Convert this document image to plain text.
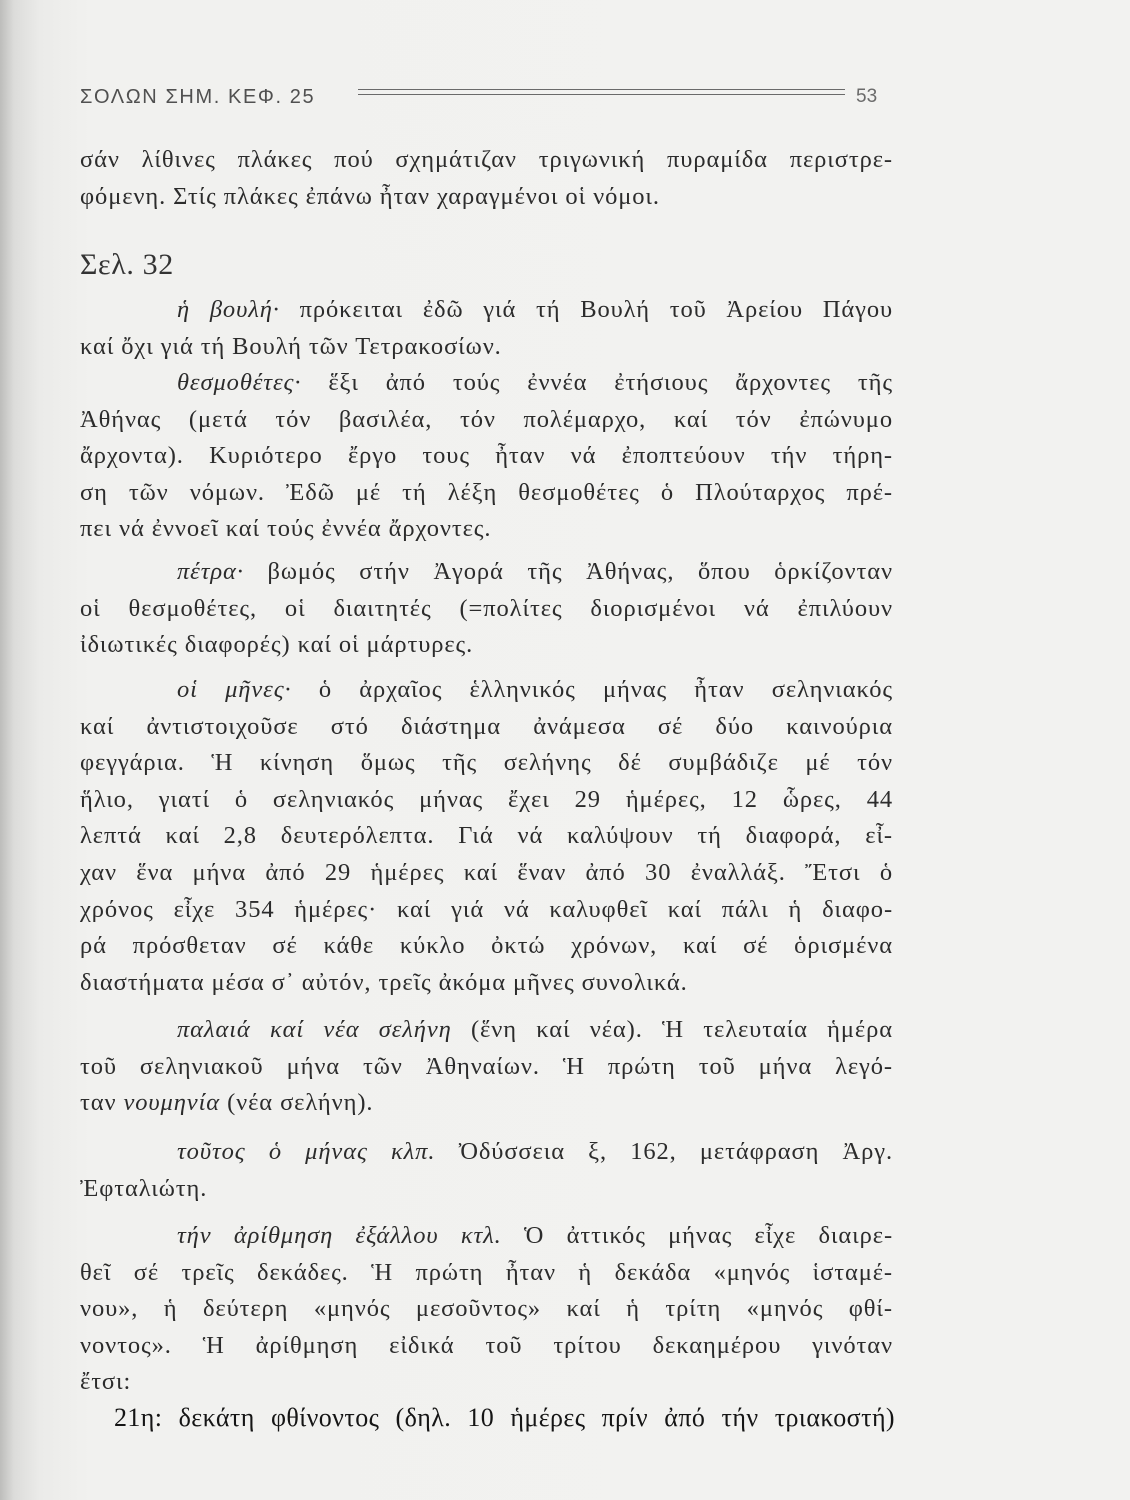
ΣΟΛΩΝ ΣΗΜ. ΚΕΦ. 25	53
σάν λίθινες πλάκες πού σχημάτιζαν τριγωνική πυραμίδα περιστρε-
φόμενη. Στίς πλάκες ἐπάνω ἦταν χαραγμένοι οἱ νόμοι.
Σελ. 32
ἡ βουλή· πρόκειται ἐδῶ γιά τή Βουλή τοῦ Ἀρείου Πάγου
καί ὄχι γιά τή Βουλή τῶν Τετρακοσίων.
θεσμοθέτες· ἕξι ἀπό τούς ἐννέα ἐτήσιους ἄρχοντες τῆς
Ἀθήνας (μετά τόν βασιλέα, τόν πολέμαρχο, καί τόν ἐπώνυμο
ἄρχοντα). Κυριότερο ἔργο τους ἦταν νά ἐποπτεύουν τήν τήρη-
ση τῶν νόμων. Ἐδῶ μέ τή λέξη θεσμοθέτες ὁ Πλούταρχος πρέ-
πει νά ἐννοεῖ καί τούς ἐννέα ἄρχοντες.
πέτρα· βωμός στήν Ἀγορά τῆς Ἀθήνας, ὅπου ὁρκίζονταν
οἱ θεσμοθέτες, οἱ διαιτητές (=πολίτες διορισμένοι νά ἐπιλύουν
ἰδιωτικές διαφορές) καί οἱ μάρτυρες.
οἱ μῆνες· ὁ ἀρχαῖος ἑλληνικός μήνας ἦταν σεληνιακός
καί ἀντιστοιχοῦσε στό διάστημα ἀνάμεσα σέ δύο καινούρια
φεγγάρια. Ἡ κίνηση ὅμως τῆς σελήνης δέ συμβάδιζε μέ τόν
ἥλιο, γιατί ὁ σεληνιακός μήνας ἔχει 29 ἡμέρες, 12 ὧρες, 44
λεπτά καί 2,8 δευτερόλεπτα. Γιά νά καλύψουν τή διαφορά, εἶ-
χαν ἕνα μήνα ἀπό 29 ἡμέρες καί ἕναν ἀπό 30 ἐναλλάξ. Ἔτσι ὁ
χρόνος εἶχε 354 ἡμέρες· καί γιά νά καλυφθεῖ καί πάλι ἡ διαφο-
ρά πρόσθεταν σέ κάθε κύκλο ὀκτώ χρόνων, καί σέ ὁρισμένα
διαστήματα μέσα σ᾿ αὐτόν, τρεῖς ἀκόμα μῆνες συνολικά.
παλαιά καί νέα σελήνη (ἕνη καί νέα). Ἡ τελευταία ἡμέρα
τοῦ σεληνιακοῦ μήνα τῶν Ἀθηναίων. Ἡ πρώτη τοῦ μήνα λεγό-
ταν νουμηνία (νέα σελήνη).
τοῦτος ὁ μήνας κλπ. Ὀδύσσεια ξ, 162, μετάφραση Ἀργ.
Ἐφταλιώτη.
τήν ἀρίθμηση ἐξάλλου κτλ. Ὁ ἀττικός μήνας εἶχε διαιρε-
θεῖ σέ τρεῖς δεκάδες. Ἡ πρώτη ἦταν ἡ δεκάδα «μηνός ἱσταμέ-
νου», ἡ δεύτερη «μηνός μεσοῦντος» καί ἡ τρίτη «μηνός φθί-
νοντος». Ἡ ἀρίθμηση εἰδικά τοῦ τρίτου δεκαημέρου γινόταν
ἔτσι:
21η: δεκάτη φθίνοντος (δηλ. 10 ἡμέρες πρίν ἀπό τήν τριακοστή)
